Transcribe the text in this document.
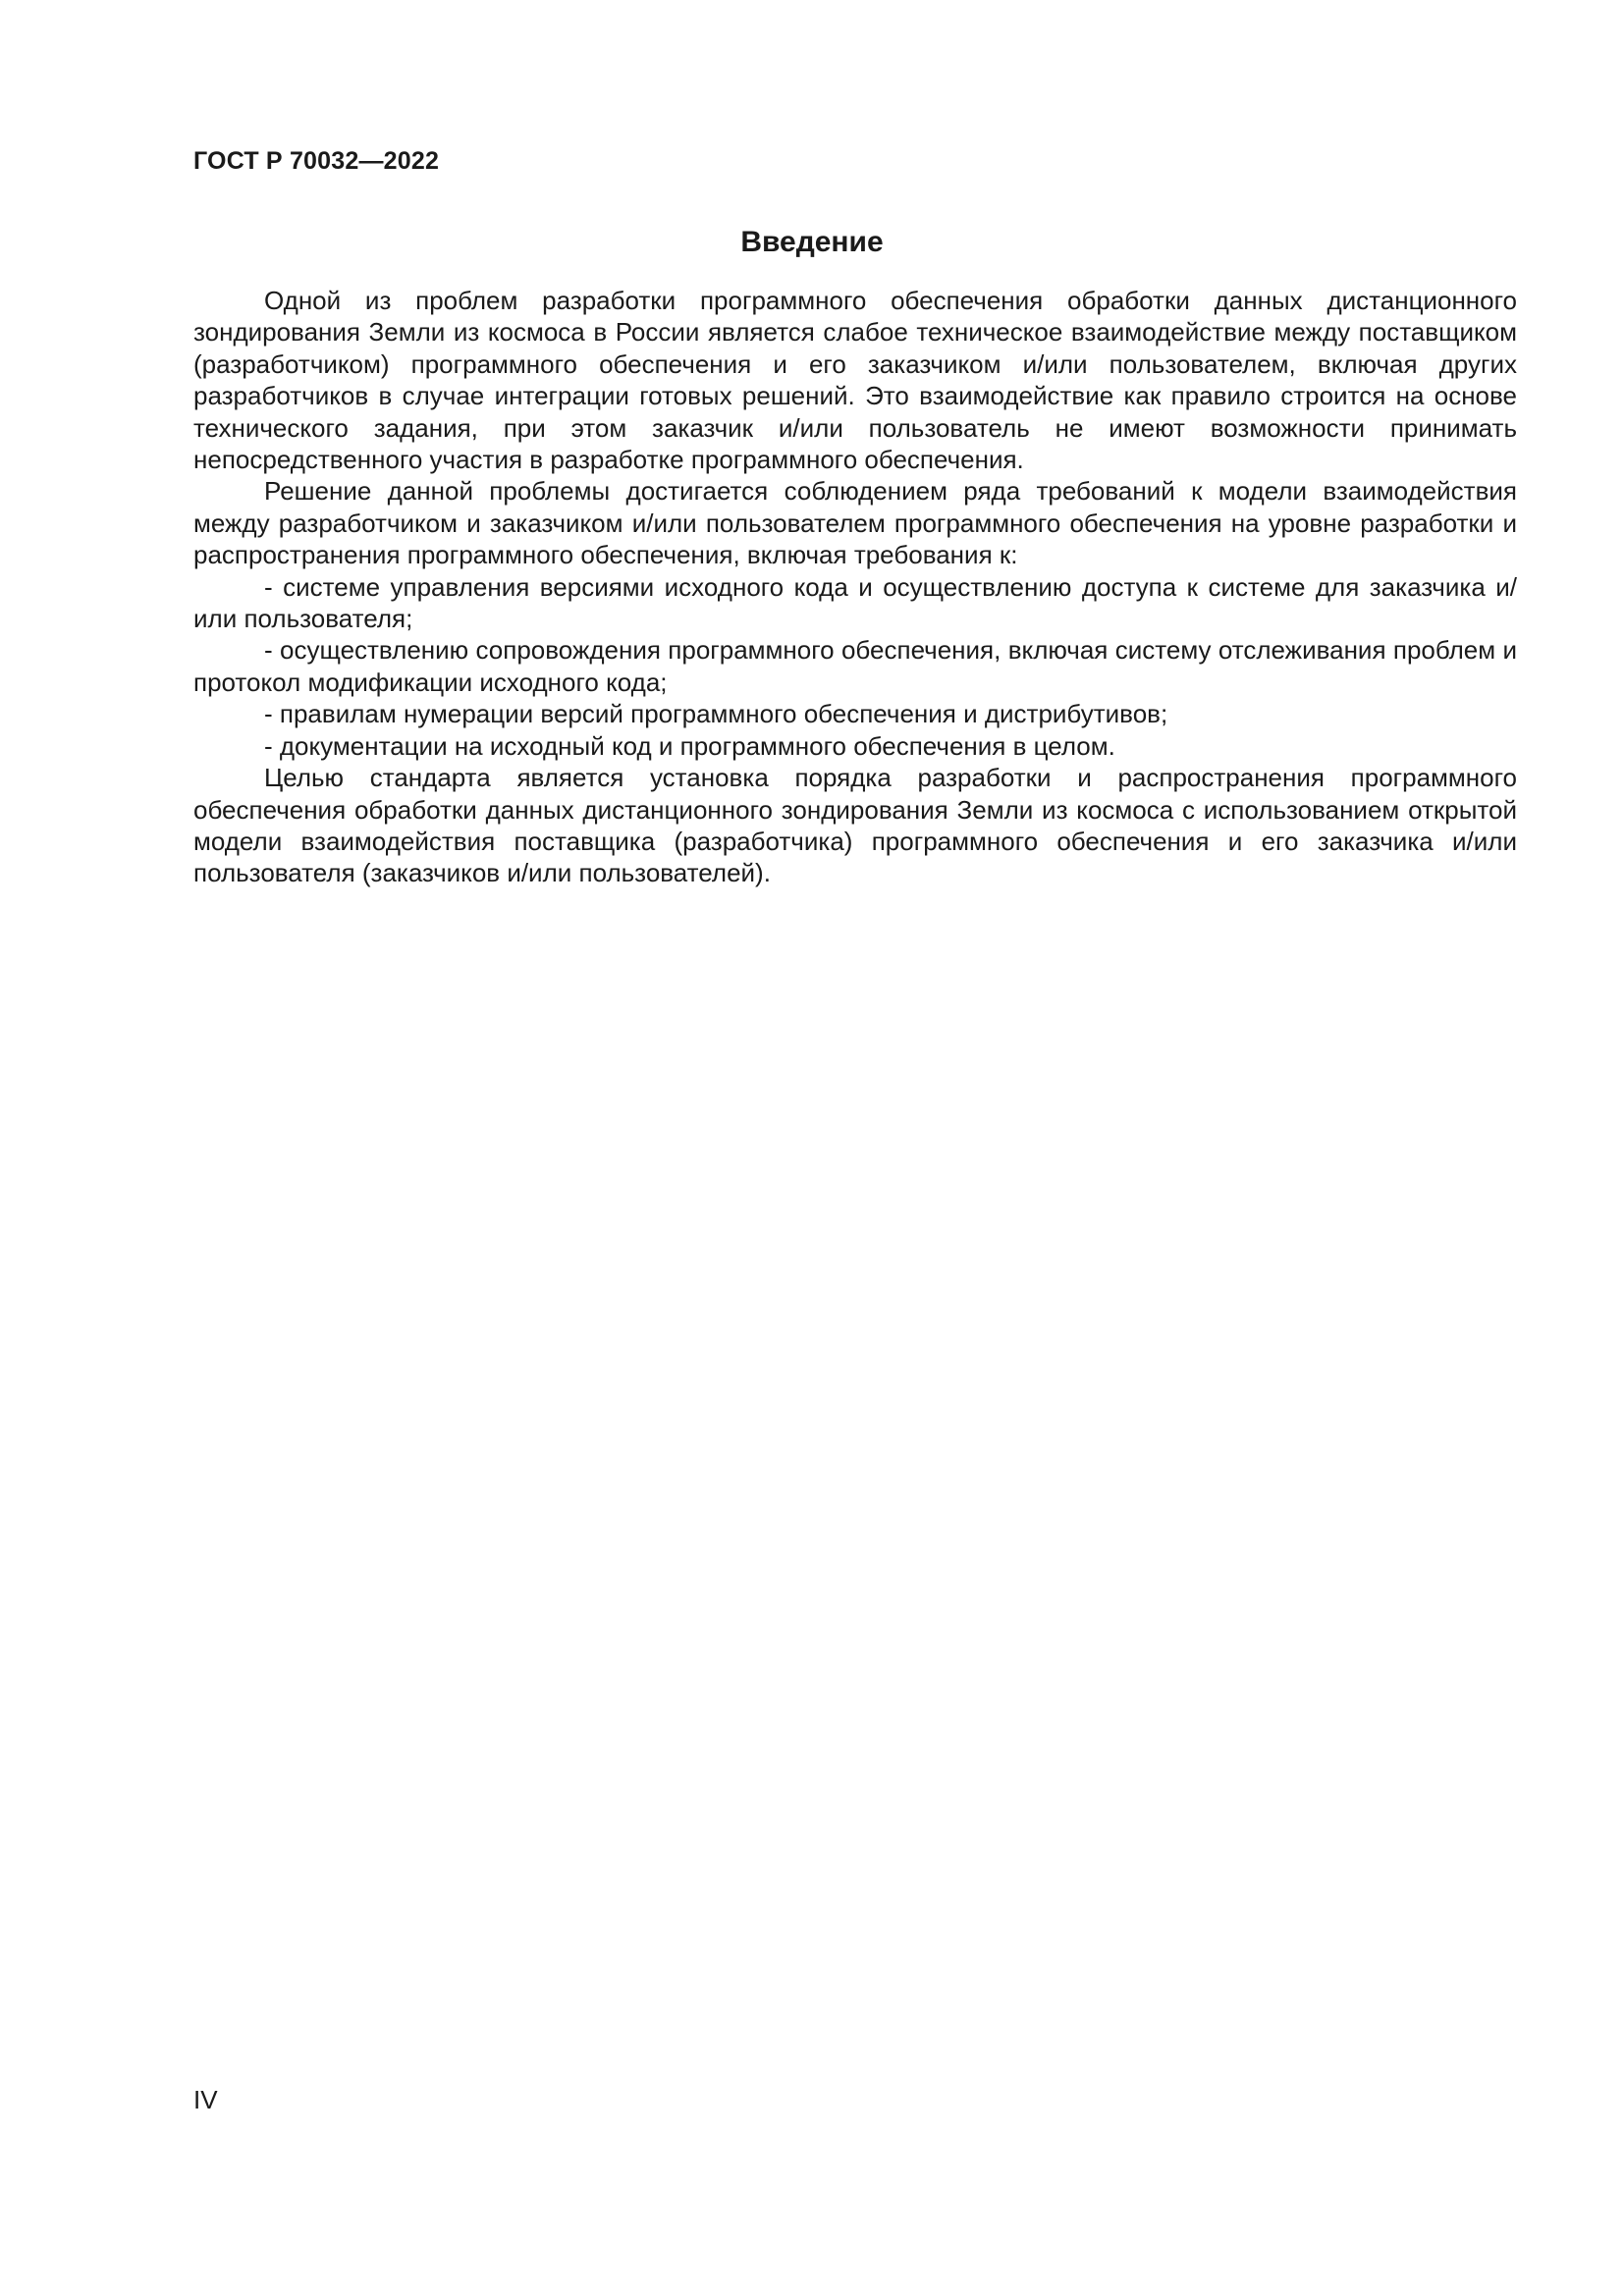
ГОСТ Р 70032—2022
Введение

Одной из проблем разработки программного обеспечения обработки данных дистанционного зондирования Земли из космоса в России является слабое техническое взаимодействие между поставщиком (разработчиком) программного обеспечения и его заказчиком и/или пользователем, включая других разработчиков в случае интеграции готовых решений. Это взаимодействие как правило строится на основе технического задания, при этом заказчик и/или пользователь не имеют возможности принимать непосредственного участия в разработке программного обеспечения.

Решение данной проблемы достигается соблюдением ряда требований к модели взаимодействия между разработчиком и заказчиком и/или пользователем программного обеспечения на уровне разработки и распространения программного обеспечения, включая требования к:

- системе управления версиями исходного кода и осуществлению доступа к системе для заказчика и/или пользователя;

- осуществлению сопровождения программного обеспечения, включая систему отслеживания проблем и протокол модификации исходного кода;

- правилам нумерации версий программного обеспечения и дистрибутивов;

- документации на исходный код и программного обеспечения в целом.

Целью стандарта является установка порядка разработки и распространения программного обеспечения обработки данных дистанционного зондирования Земли из космоса с использованием открытой модели взаимодействия поставщика (разработчика) программного обеспечения и его заказчика и/или пользователя (заказчиков и/или пользователей).

IV
